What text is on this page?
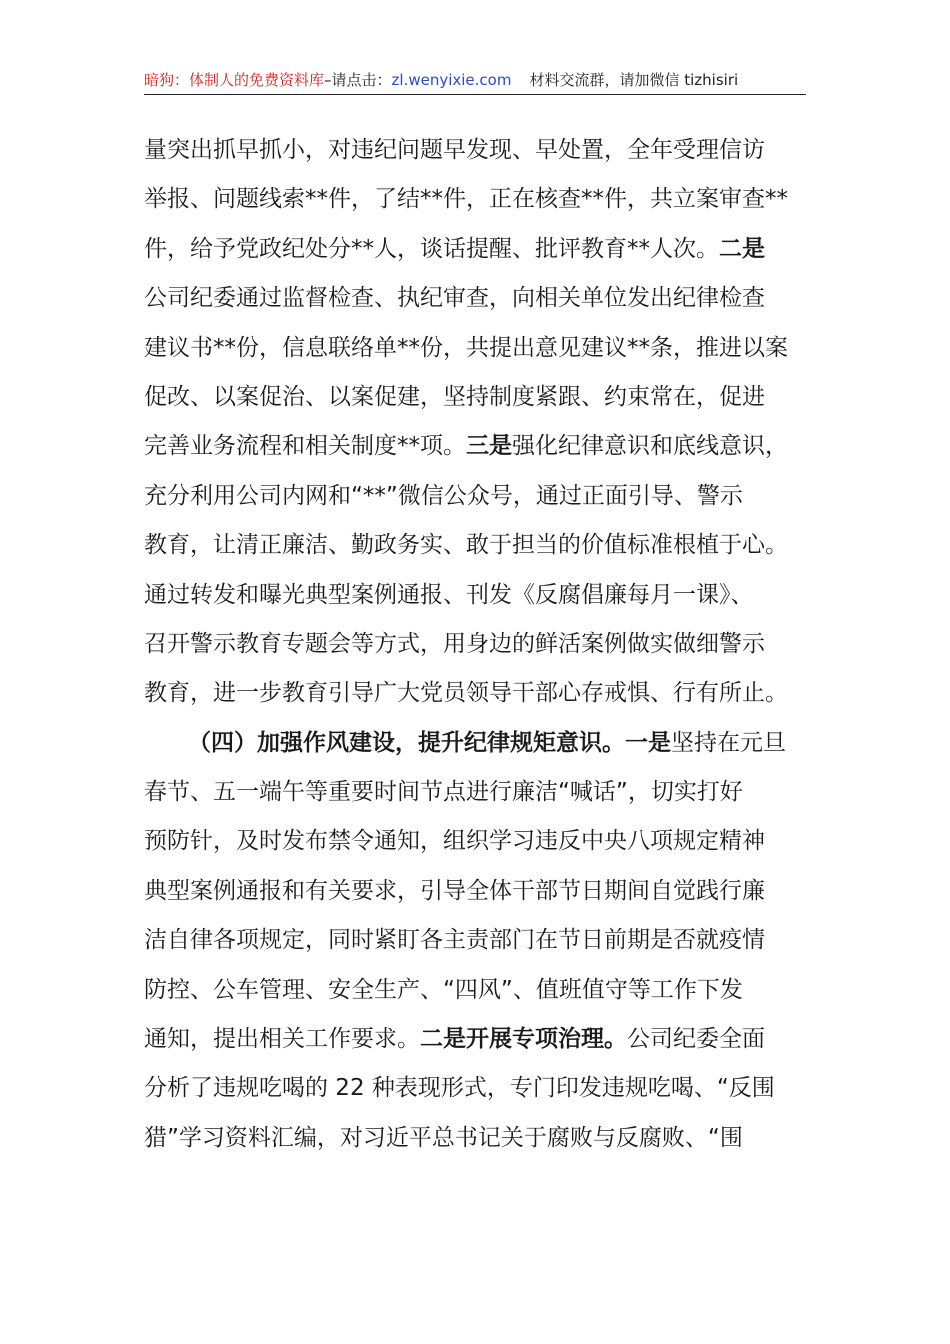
暗狗：体制人的免费资料库–请点击：zl.wenyixie.com 材料交流群，请加微信 tizhisiri
量突出抓早抓小，对违纪问题早发现、早处置，全年受理信访
举报、问题线索**件，了结**件，正在核查**件，共立案审查**
件，给予党政纪处分**人，谈话提醒、批评教育**人次。二是
公司纪委通过监督检查、执纪审查，向相关单位发出纪律检查
建议书**份，信息联络单**份，共提出意见建议**条，推进以案
促改、以案促治、以案促建，坚持制度紧跟、约束常在，促进
完善业务流程和相关制度**项。三是强化纪律意识和底线意识，
充分利用公司内网和“**”微信公众号，通过正面引导、警示
教育，让清正廉洁、勤政务实、敢于担当的价值标准根植于心。
通过转发和曝光典型案例通报、刊发《反腐倡廉每月一课》、
召开警示教育专题会等方式，用身边的鲜活案例做实做细警示
教育，进一步教育引导广大党员领导干部心存戒惧、行有所止。
（四）加强作风建设，提升纪律规矩意识。一是坚持在元旦
春节、五一端午等重要时间节点进行廉洁“喊话”，切实打好
预防针，及时发布禁令通知，组织学习违反中央八项规定精神
典型案例通报和有关要求，引导全体干部节日期间自觉践行廉
洁自律各项规定，同时紧盯各主责部门在节日前期是否就疫情
防控、公车管理、安全生产、“四风”、值班值守等工作下发
通知，提出相关工作要求。二是开展专项治理。公司纪委全面
分析了违规吃喝的 22 种表现形式，专门印发违规吃喝、“反围
猎”学习资料汇编，对习近平总书记关于腐败与反腐败、“围
